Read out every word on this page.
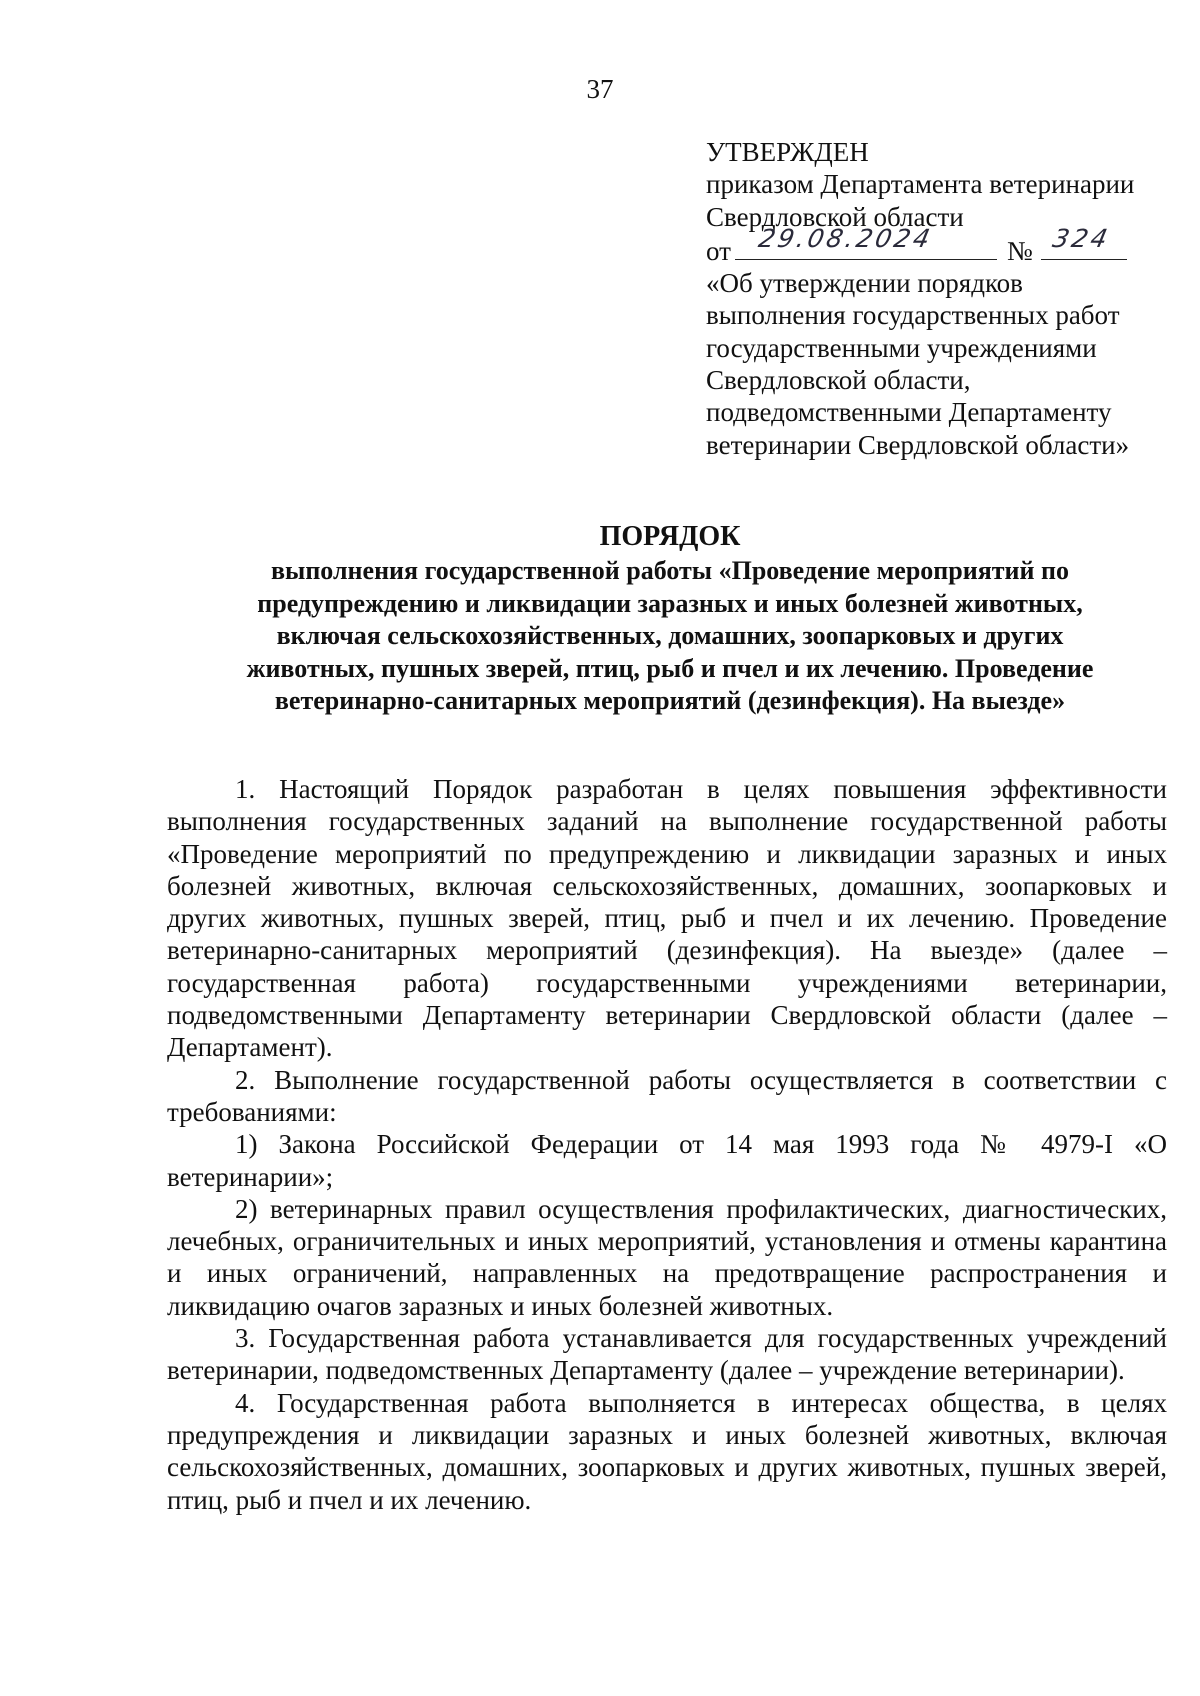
37
УТВЕРЖДЕН
приказом Департамента ветеринарии
Свердловской области
от 29.08.2024	№ 324
«Об утверждении порядков
выполнения государственных работ
государственными учреждениями
Свердловской области,
подведомственными Департаменту
ветеринарии Свердловской области»
ПОРЯДОК
выполнения государственной работы «Проведение мероприятий по
предупреждению и ликвидации заразных и иных болезней животных,
включая сельскохозяйственных, домашних, зоопарковых и других
животных, пушных зверей, птиц, рыб и пчел и их лечению. Проведение
ветеринарно-санитарных мероприятий (дезинфекция). На выезде»

1. Настоящий Порядок разработан в целях повышения эффективности выполнения государственных заданий на выполнение государственной работы «Проведение мероприятий по предупреждению и ликвидации заразных и иных болезней животных, включая сельскохозяйственных, домашних, зоопарковых и других животных, пушных зверей, птиц, рыб и пчел и их лечению. Проведение ветеринарно-санитарных мероприятий (дезинфекция). На выезде» (далее – государственная работа) государственными учреждениями ветеринарии, подведомственными Департаменту ветеринарии Свердловской области (далее – Департамент).

2. Выполнение государственной работы осуществляется в соответствии с требованиями:

1) Закона Российской Федерации от 14 мая 1993 года № 4979-I «О ветеринарии»;

2) ветеринарных правил осуществления профилактических, диагностических, лечебных, ограничительных и иных мероприятий, установления и отмены карантина и иных ограничений, направленных на предотвращение распространения и ликвидацию очагов заразных и иных болезней животных.

3. Государственная работа устанавливается для государственных учреждений ветеринарии, подведомственных Департаменту (далее – учреждение ветеринарии).

4. Государственная работа выполняется в интересах общества, в целях предупреждения и ликвидации заразных и иных болезней животных, включая сельскохозяйственных, домашних, зоопарковых и других животных, пушных зверей, птиц, рыб и пчел и их лечению.
